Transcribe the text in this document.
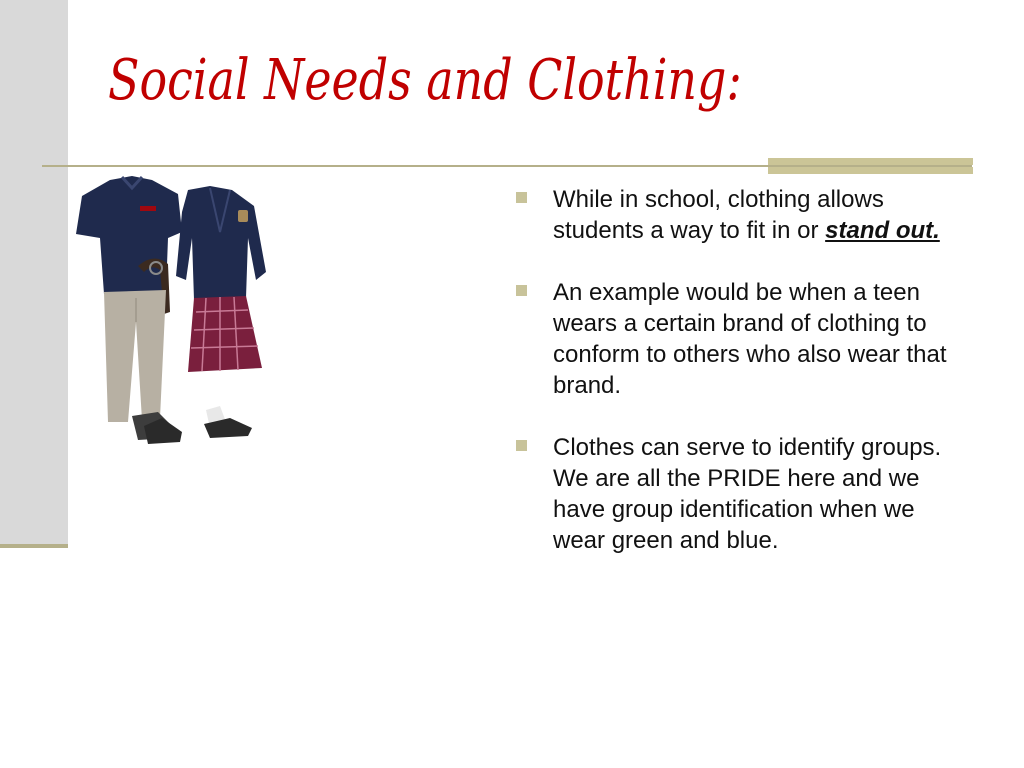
Social Needs and Clothing:
While in school, clothing allows students a way to fit in or stand out.
An example would be when a teen wears a certain brand of clothing to conform to others who also wear that brand.
Clothes can serve to identify groups.  We are all the PRIDE here and we have group identification when we wear green and blue.
